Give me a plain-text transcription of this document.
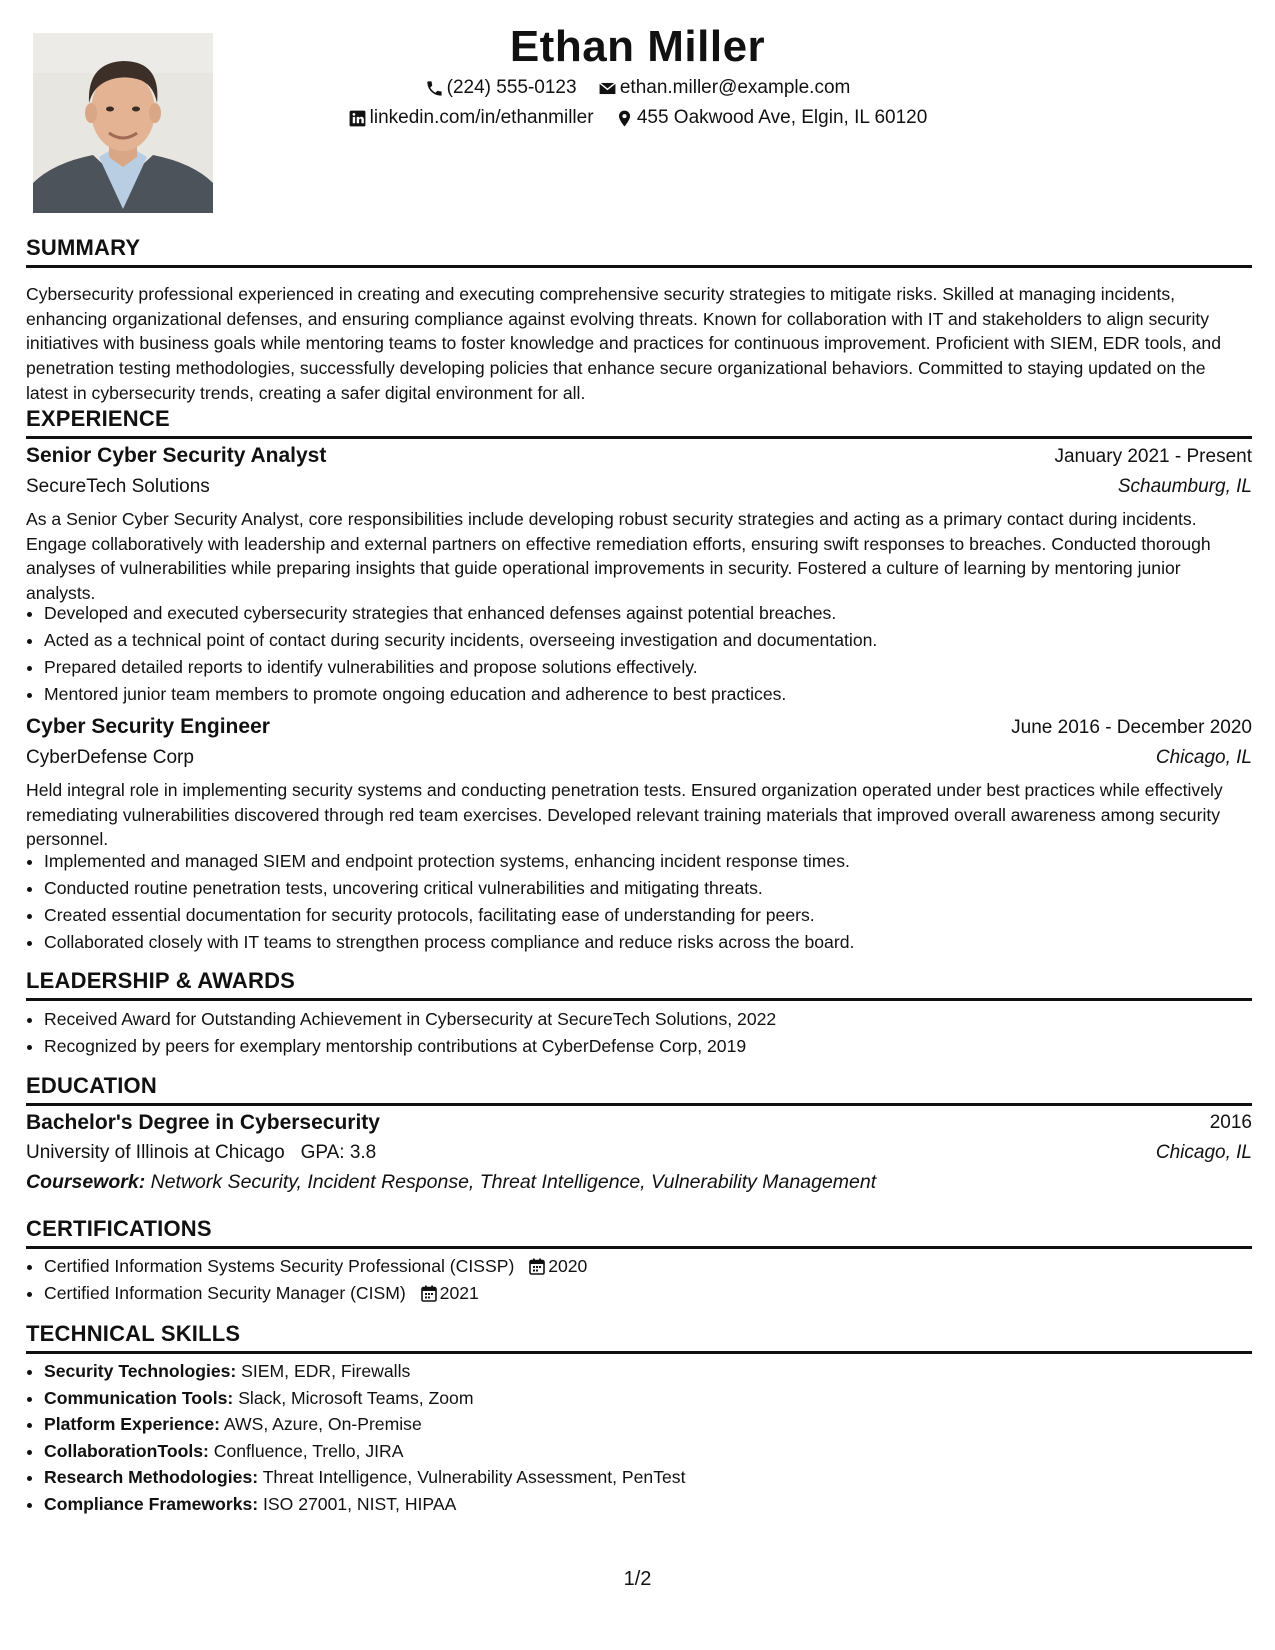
Ethan Miller
(224) 555-0123
ethan.miller@example.com
linkedin.com/in/ethanmiller
455 Oakwood Ave, Elgin, IL 60120
SUMMARY

Cybersecurity professional experienced in creating and executing comprehensive security strategies to mitigate risks. Skilled at managing incidents, enhancing organizational defenses, and ensuring compliance against evolving threats. Known for collaboration with IT and stakeholders to align security initiatives with business goals while mentoring teams to foster knowledge and practices for continuous improvement. Proficient with SIEM, EDR tools, and penetration testing methodologies, successfully developing policies that enhance secure organizational behaviors. Committed to staying updated on the latest in cybersecurity trends, creating a safer digital environment for all.

EXPERIENCE
Senior Cyber Security Analyst	January 2021 - Present
SecureTech Solutions	Schaumburg, IL

As a Senior Cyber Security Analyst, core responsibilities include developing robust security strategies and acting as a primary contact during incidents. Engage collaboratively with leadership and external partners on effective remediation efforts, ensuring swift responses to breaches. Conducted thorough analyses of vulnerabilities while preparing insights that guide operational improvements in security. Fostered a culture of learning by mentoring junior analysts.

• Developed and executed cybersecurity strategies that enhanced defenses against potential breaches.
• Acted as a technical point of contact during security incidents, overseeing investigation and documentation.
• Prepared detailed reports to identify vulnerabilities and propose solutions effectively.
• Mentored junior team members to promote ongoing education and adherence to best practices.
Cyber Security Engineer	June 2016 - December 2020
CyberDefense Corp	Chicago, IL

Held integral role in implementing security systems and conducting penetration tests. Ensured organization operated under best practices while effectively remediating vulnerabilities discovered through red team exercises. Developed relevant training materials that improved overall awareness among security personnel.

• Implemented and managed SIEM and endpoint protection systems, enhancing incident response times.
• Conducted routine penetration tests, uncovering critical vulnerabilities and mitigating threats.
• Created essential documentation for security protocols, facilitating ease of understanding for peers.
• Collaborated closely with IT teams to strengthen process compliance and reduce risks across the board.
LEADERSHIP & AWARDS
• Received Award for Outstanding Achievement in Cybersecurity at SecureTech Solutions, 2022
• Recognized by peers for exemplary mentorship contributions at CyberDefense Corp, 2019
EDUCATION
Bachelor's Degree in Cybersecurity	2016
University of Illinois at Chicago GPA: 3.8	Chicago, IL
Coursework: Network Security, Incident Response, Threat Intelligence, Vulnerability Management
CERTIFICATIONS
• Certified Information Systems Security Professional (CISSP) 2020
• Certified Information Security Manager (CISM) 2021
TECHNICAL SKILLS
• Security Technologies: SIEM, EDR, Firewalls
• Communication Tools: Slack, Microsoft Teams, Zoom
• Platform Experience: AWS, Azure, On-Premise
• CollaborationTools: Confluence, Trello, JIRA
• Research Methodologies: Threat Intelligence, Vulnerability Assessment, PenTest
• Compliance Frameworks: ISO 27001, NIST, HIPAA
1/2
